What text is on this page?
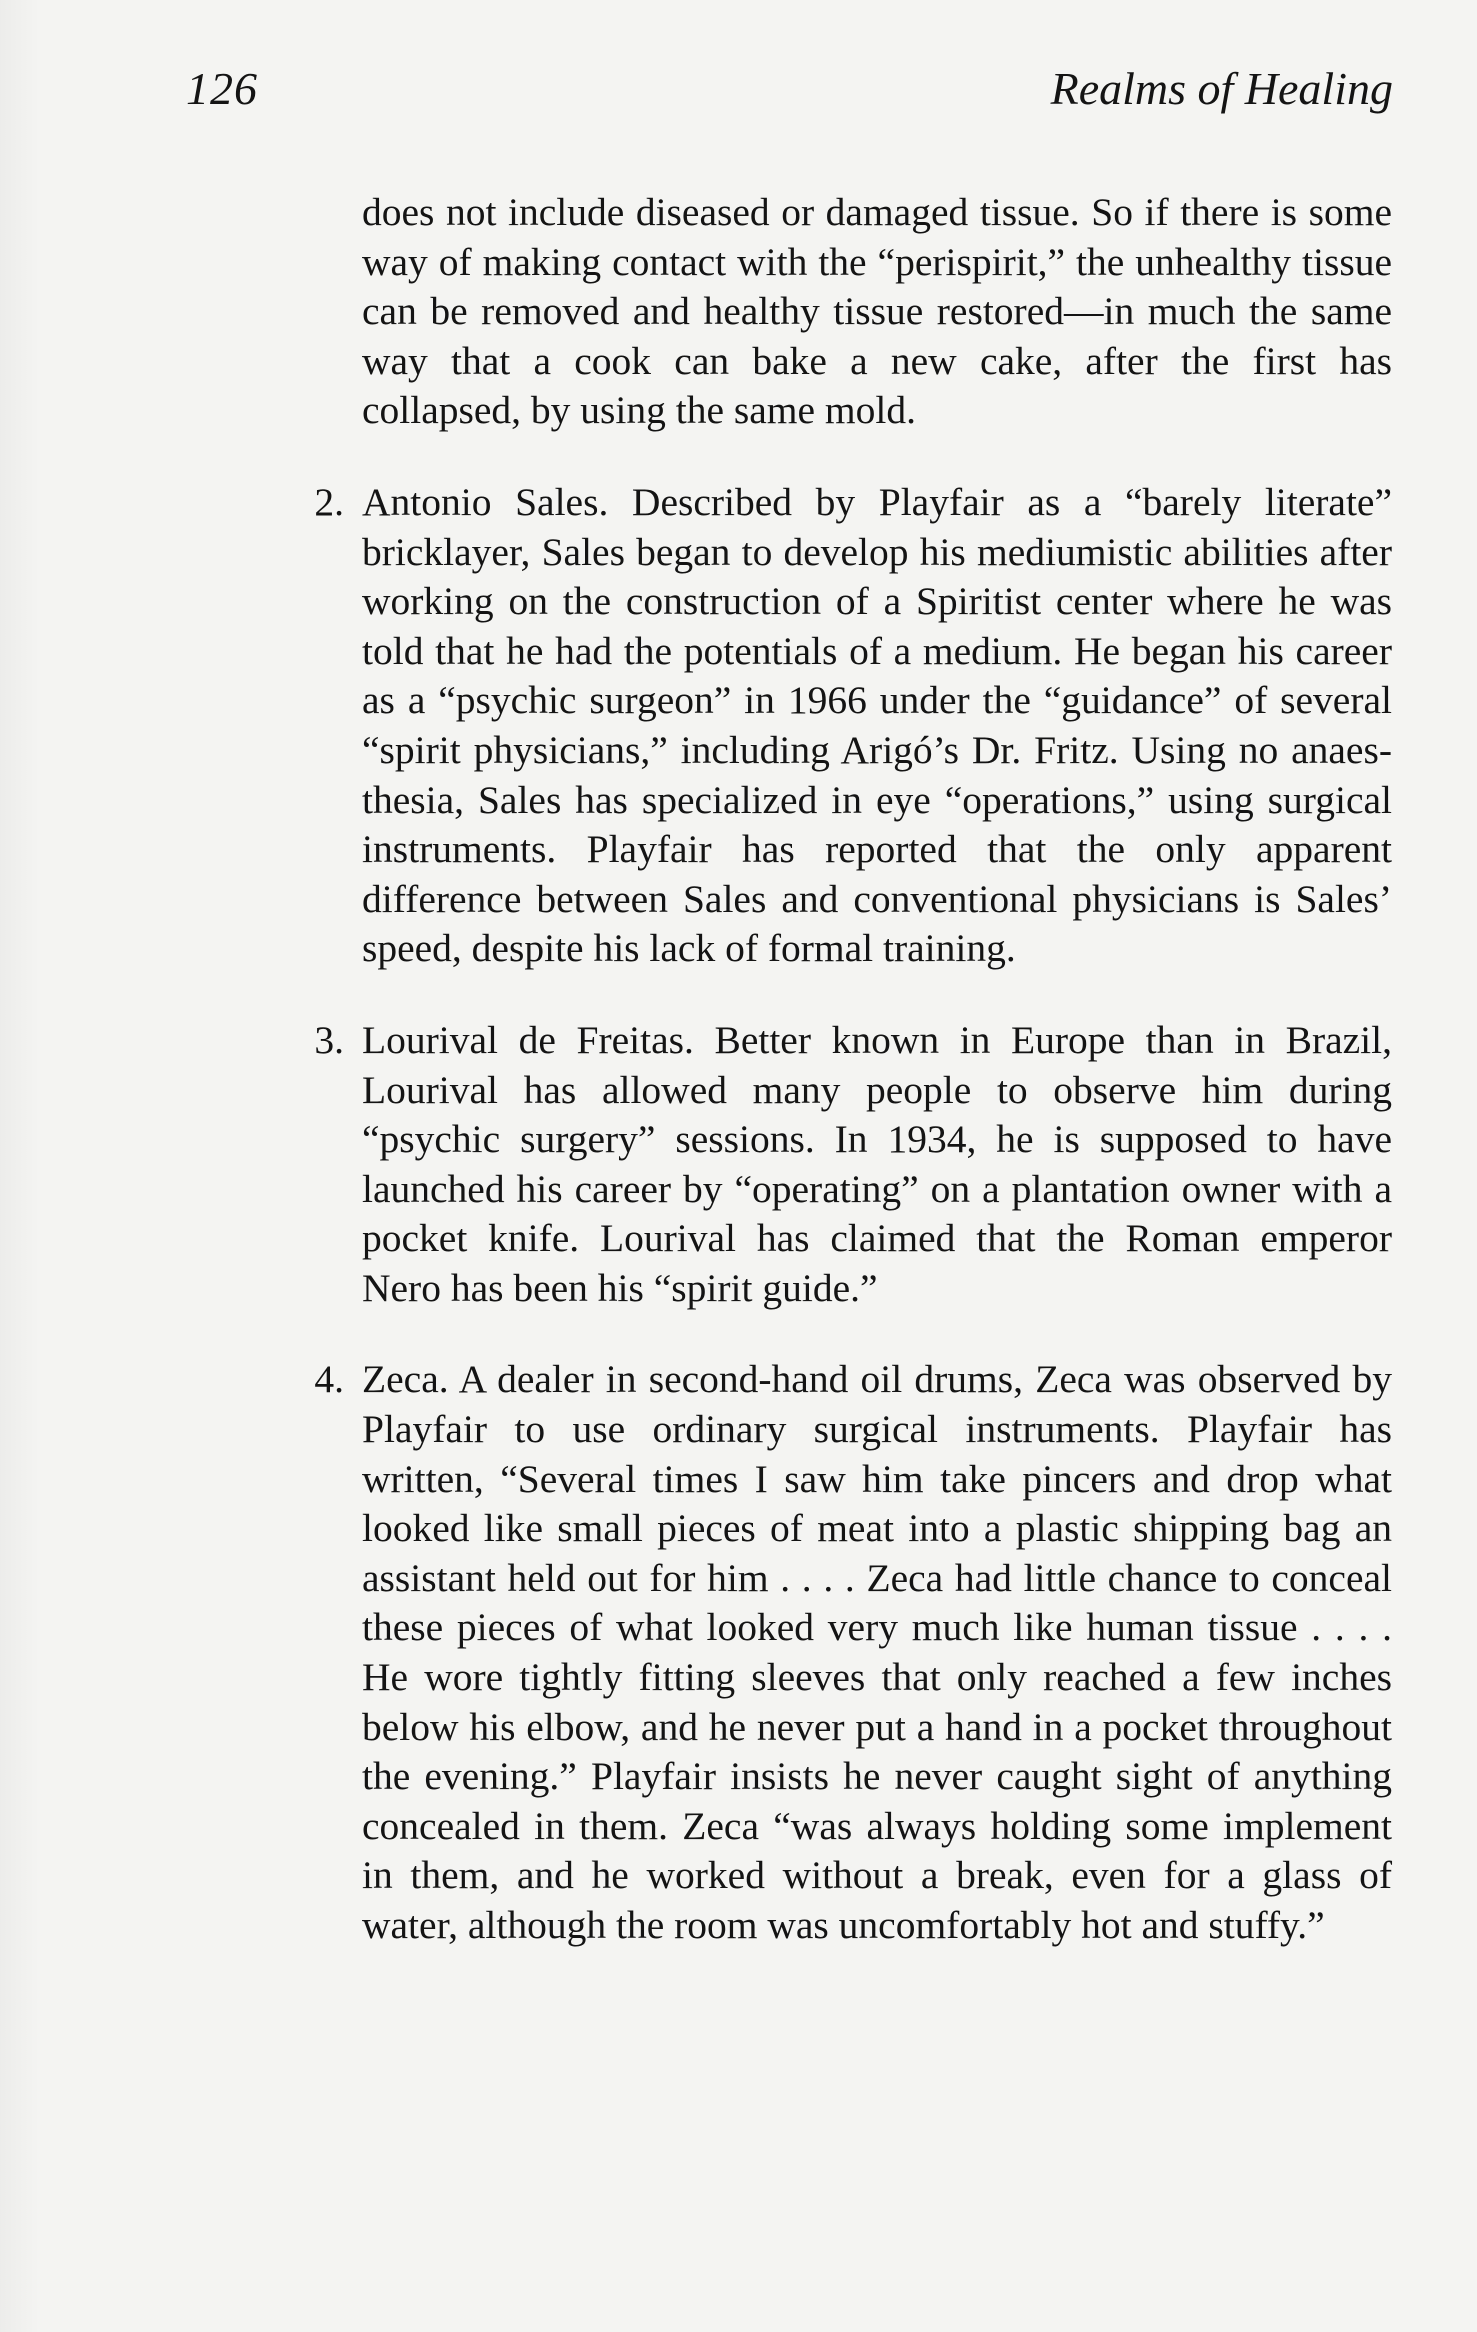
126	Realms of Healing

does not include diseased or damaged tissue. So if there is some way of making contact with the “perispirit,” the unhealthy tissue can be removed and healthy tissue restored—in much the same way that a cook can bake a new cake, after the first has collapsed, by using the same mold.

2. Antonio Sales. Described by Playfair as a “barely literate” bricklayer, Sales began to develop his mediumistic abilities after working on the construction of a Spiritist center where he was told that he had the potentials of a medium. He began his career as a “psychic surgeon” in 1966 under the “guidance” of several “spirit physicians,” including Arigó’s Dr. Fritz. Using no anaesthesia, Sales has specialized in eye “operations,” using surgical instruments. Playfair has reported that the only apparent difference between Sales and conventional physicians is Sales’ speed, despite his lack of formal training.

3. Lourival de Freitas. Better known in Europe than in Brazil, Lourival has allowed many people to observe him during “psychic surgery” sessions. In 1934, he is supposed to have launched his career by “operating” on a plantation owner with a pocket knife. Lourival has claimed that the Roman emperor Nero has been his “spirit guide.”

4. Zeca. A dealer in second-hand oil drums, Zeca was observed by Playfair to use ordinary surgical instruments. Playfair has written, “Several times I saw him take pincers and drop what looked like small pieces of meat into a plastic shipping bag an assistant held out for him . . . . Zeca had little chance to conceal these pieces of what looked very much like human tissue . . . . He wore tightly fitting sleeves that only reached a few inches below his elbow, and he never put a hand in a pocket throughout the evening.” Playfair insists he never caught sight of anything concealed in them. Zeca “was always holding some implement in them, and he worked without a break, even for a glass of water, although the room was uncomfortably hot and stuffy.”
